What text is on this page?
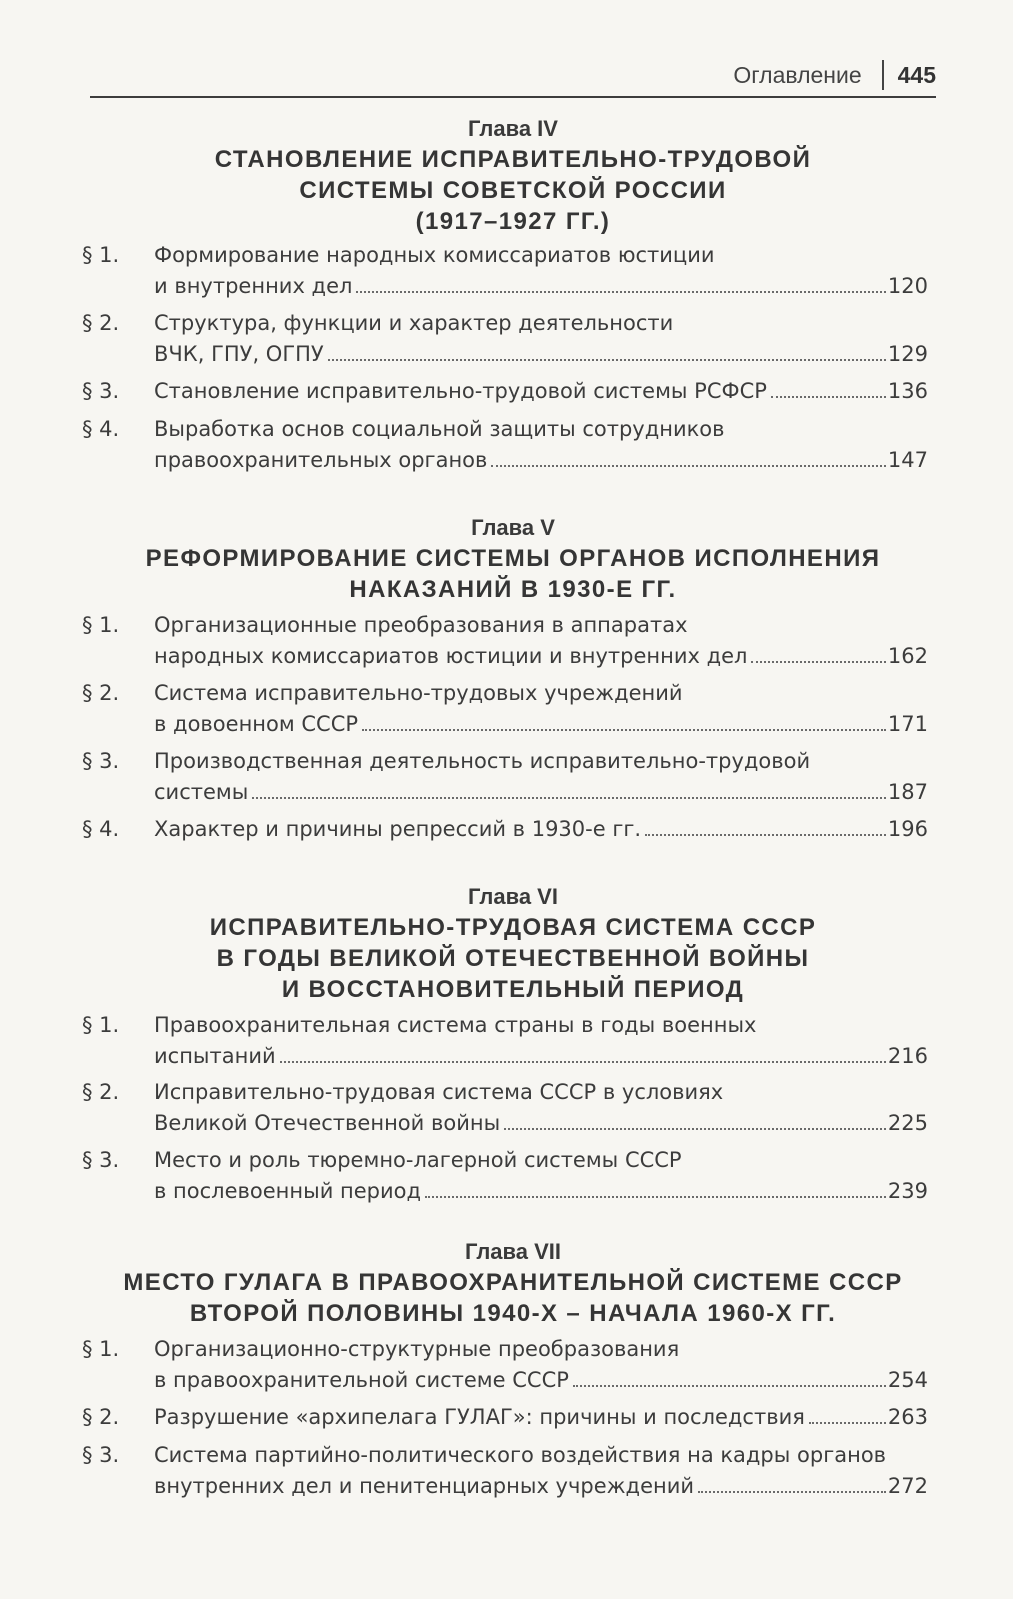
Оглавление 445
Глава IV
СТАНОВЛЕНИЕ ИСПРАВИТЕЛЬНО-ТРУДОВОЙ
СИСТЕМЫ СОВЕТСКОЙ РОССИИ
(1917–1927 ГГ.)
§ 1. Формирование народных комиссариатов юстиции
и внутренних дел	120
§ 2. Структура, функции и характер деятельности
ВЧК, ГПУ, ОГПУ	129
§ 3. Становление исправительно-трудовой системы РСФСР	136
§ 4. Выработка основ социальной защиты сотрудников
правоохранительных органов	147
Глава V
РЕФОРМИРОВАНИЕ СИСТЕМЫ ОРГАНОВ ИСПОЛНЕНИЯ
НАКАЗАНИЙ В 1930-Е ГГ.
§ 1. Организационные преобразования в аппаратах
народных комиссариатов юстиции и внутренних дел	162
§ 2. Система исправительно-трудовых учреждений
в довоенном СССР	171
§ 3. Производственная деятельность исправительно-трудовой
системы	187
§ 4. Характер и причины репрессий в 1930-е гг.	196
Глава VI
ИСПРАВИТЕЛЬНО-ТРУДОВАЯ СИСТЕМА СССР
В ГОДЫ ВЕЛИКОЙ ОТЕЧЕСТВЕННОЙ ВОЙНЫ
И ВОССТАНОВИТЕЛЬНЫЙ ПЕРИОД
§ 1. Правоохранительная система страны в годы военных
испытаний	216
§ 2. Исправительно-трудовая система СССР в условиях
Великой Отечественной войны	225
§ 3. Место и роль тюремно-лагерной системы СССР
в послевоенный период	239
Глава VII
МЕСТО ГУЛАГА В ПРАВООХРАНИТЕЛЬНОЙ СИСТЕМЕ СССР
ВТОРОЙ ПОЛОВИНЫ 1940-Х – НАЧАЛА 1960-Х ГГ.
§ 1. Организационно-структурные преобразования
в правоохранительной системе СССР	254
§ 2. Разрушение «архипелага ГУЛАГ»: причины и последствия	263
§ 3. Система партийно-политического воздействия на кадры органов
внутренних дел и пенитенциарных учреждений	272
